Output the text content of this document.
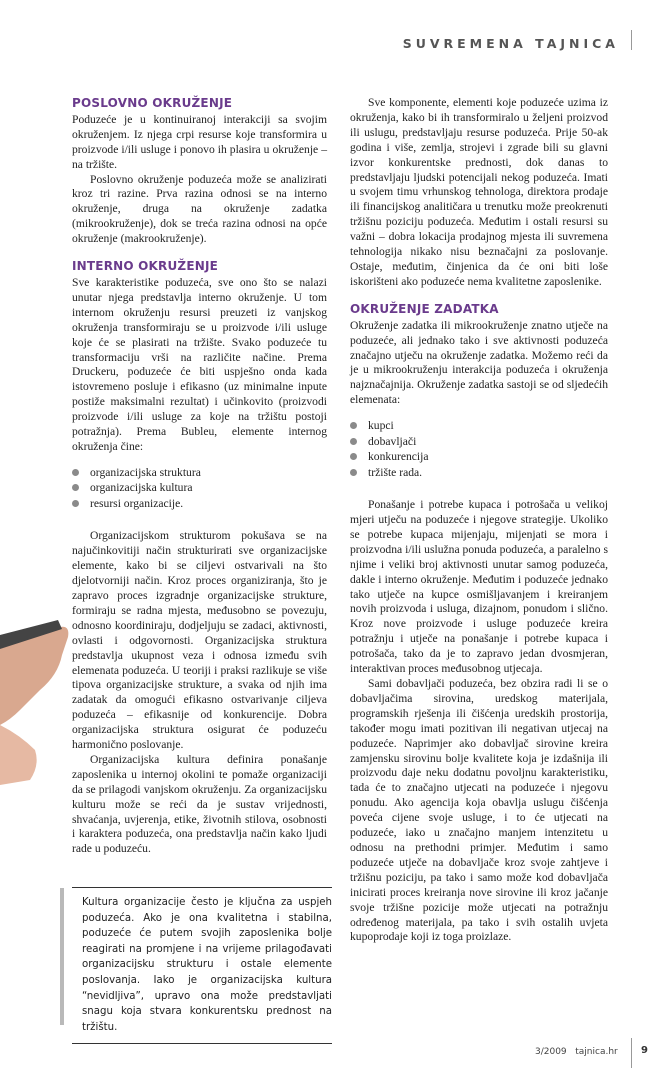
SUVREMENA TAJNICA
POSLOVNO OKRUŽENJE

Poduzeće je u kontinuiranoj interakciji sa svojim okruženjem. Iz njega crpi resurse koje transformira u proizvode i/ili usluge i ponovo ih plasira u okruženje – na tržište.

Poslovno okruženje poduzeća može se analizirati kroz tri razine. Prva razina odnosi se na interno okruženje, druga na okruženje zadatka (mikrookruženje), dok se treća razina odnosi na opće okruženje (makrookruženje).

INTERNO OKRUŽENJE

Sve karakteristike poduzeća, sve ono što se nalazi unutar njega predstavlja interno okruženje. U tom internom okruženju resursi preuzeti iz vanjskog okruženja transformiraju se u proizvode i/ili usluge koje će se plasirati na tržište. Svako poduzeće tu transformaciju vrši na različite načine. Prema Druckeru, poduzeće će biti uspješno onda kada istovremeno posluje i efikasno (uz minimalne inpute postiže maksimalni rezultat) i učinkovito (proizvodi proizvode i/ili usluge za koje na tržištu postoji potražnja). Prema Bubleu, elemente internog okruženja čine:

organizacijska struktura
organizacijska kultura
resursi organizacije.

Organizacijskom strukturom pokušava se na najučinkovitiji način strukturirati sve organizacijske elemente, kako bi se ciljevi ostvarivali na što djelotvorniji način. Kroz proces organiziranja, što je zapravo proces izgradnje organizacijske strukture, formiraju se radna mjesta, međusobno se povezuju, odnosno koordiniraju, dodjeljuju se zadaci, aktivnosti, ovlasti i odgovornosti. Organizacijska struktura predstavlja ukupnost veza i odnosa između svih elemenata poduzeća. U teoriji i praksi razlikuje se više tipova organizacijske strukture, a svaka od njih ima zadatak da omogući efikasno ostvarivanje ciljeva poduzeća – efikasnije od konkurencije. Dobra organizacijska struktura osigurat će poduzeću harmonično poslovanje.

Organizacijska kultura definira ponašanje zaposlenika u internoj okolini te pomaže organizaciji da se prilagodi vanjskom okruženju. Za organizacijsku kulturu može se reći da je sustav vrijednosti, shvaćanja, uvjerenja, etike, životnih stilova, osobnosti i karaktera poduzeća, ona predstavlja način kako ljudi rade u poduzeću.

Kultura organizacije često je ključna za uspjeh poduzeća. Ako je ona kvalitetna i stabilna, poduzeće će putem svojih zaposlenika bolje reagirati na promjene i na vrijeme prilagođavati organizacijsku strukturu i ostale elemente poslovanja. Iako je organizacijska kultura “nevidljiva”, upravo ona može predstavljati snagu koja stvara konkurentsku prednost na tržištu.

Sve komponente, elementi koje poduzeće uzima iz okruženja, kako bi ih transformiralo u željeni proizvod ili uslugu, predstavljaju resurse poduzeća. Prije 50-ak godina i više, zemlja, strojevi i zgrade bili su glavni izvor konkurentske prednosti, dok danas to predstavljaju ljudski potencijali nekog poduzeća. Imati u svojem timu vrhunskog tehnologa, direktora prodaje ili financijskog analitičara u trenutku može preokrenuti tržišnu poziciju poduzeća. Međutim i ostali resursi su važni – dobra lokacija prodajnog mjesta ili suvremena tehnologija nikako nisu beznačajni za poslovanje. Ostaje, međutim, činjenica da će oni biti loše iskorišteni ako poduzeće nema kvalitetne zaposlenike.

OKRUŽENJE ZADATKA

Okruženje zadatka ili mikrookruženje znatno utječe na poduzeće, ali jednako tako i sve aktivnosti poduzeća značajno utječu na okruženje zadatka. Možemo reći da je u mikrookruženju interakcija poduzeća i okruženja najznačajnija. Okruženje zadatka sastoji se od sljedećih elemenata:

kupci
dobavljači
konkurencija
tržište rada.

Ponašanje i potrebe kupaca i potrošača u velikoj mjeri utječu na poduzeće i njegove strategije. Ukoliko se potrebe kupaca mijenjaju, mijenjati se mora i proizvodna i/ili uslužna ponuda poduzeća, a paralelno s njime i veliki broj aktivnosti unutar samog poduzeća, dakle i interno okruženje. Međutim i poduzeće jednako tako utječe na kupce osmišljavanjem i kreiranjem novih proizvoda i usluga, dizajnom, ponudom i slično. Kroz nove proizvode i usluge poduzeće kreira potražnju i utječe na ponašanje i potrebe kupaca i potrošača, tako da je to zapravo jedan dvosmjeran, interaktivan proces međusobnog utjecaja.

Sami dobavljači poduzeća, bez obzira radi li se o dobavljačima sirovina, uredskog materijala, programskih rješenja ili čišćenja uredskih prostorija, također mogu imati pozitivan ili negativan utjecaj na poduzeće. Naprimjer ako dobavljač sirovine kreira zamjensku sirovinu bolje kvalitete koja je izdašnija ili proizvodu daje neku dodatnu povoljnu karakteristiku, tada će to značajno utjecati na poduzeće i njegovu ponudu. Ako agencija koja obavlja uslugu čišćenja poveća cijene svoje usluge, i to će utjecati na poduzeće, iako u značajno manjem intenzitetu u odnosu na prethodni primjer. Međutim i samo poduzeće utječe na dobavljače kroz svoje zahtjeve i tržišnu poziciju, pa tako i samo može kod dobavljača inicirati proces kreiranja nove sirovine ili kroz jačanje svoje tržišne pozicije može utjecati na potražnju određenog materijala, pa tako i svih ostalih uvjeta kupoprodaje koji iz toga proizlaze.

3/2009 tajnica.hr 9
